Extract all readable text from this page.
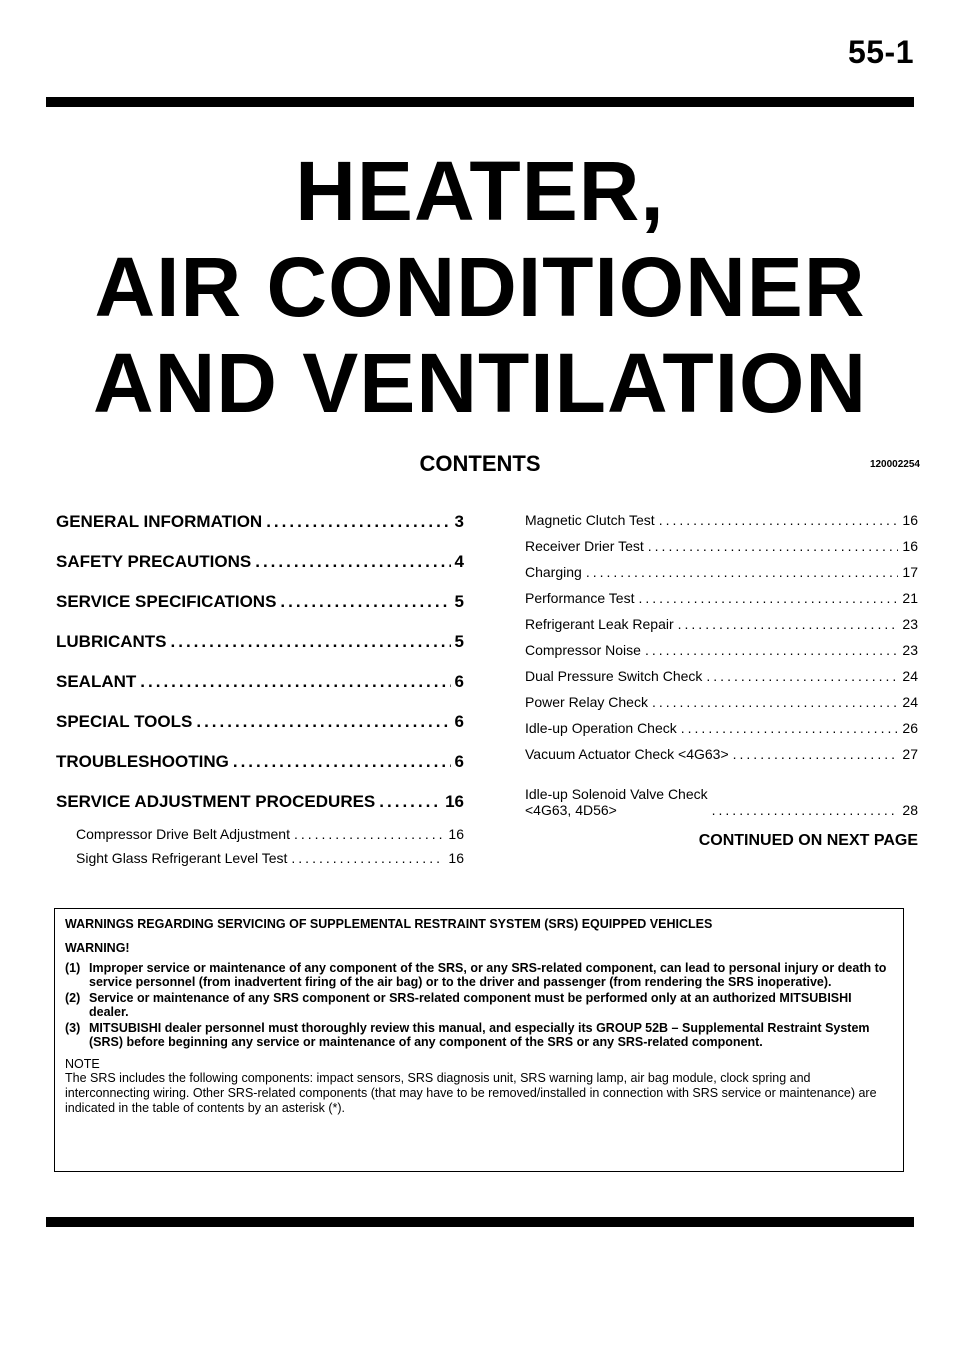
55-1
HEATER,
AIR CONDITIONER
AND VENTILATION
CONTENTS	120002254
GENERAL INFORMATION .....	3
SAFETY PRECAUTIONS .....	4
SERVICE SPECIFICATIONS .....	5
LUBRICANTS .....	5
SEALANT .....	6
SPECIAL TOOLS .....	6
TROUBLESHOOTING .....	6
SERVICE ADJUSTMENT PROCEDURES .....	16
Compressor Drive Belt Adjustment .....	16
Sight Glass Refrigerant Level Test .....	16
Magnetic Clutch Test .....	16
Receiver Drier Test .....	16
Charging .....	17
Performance Test .....	21
Refrigerant Leak Repair .....	23
Compressor Noise .....	23
Dual Pressure Switch Check .....	24
Power Relay Check .....	24
Idle-up Operation Check .....	26
Vacuum Actuator Check <4G63> .....	27
Idle-up Solenoid Valve Check
<4G63, 4D56> .....	28
CONTINUED ON NEXT PAGE
WARNINGS REGARDING SERVICING OF SUPPLEMENTAL RESTRAINT SYSTEM (SRS) EQUIPPED VEHICLES
WARNING!
(1) Improper service or maintenance of any component of the SRS, or any SRS-related component, can lead to personal injury or death to service personnel (from inadvertent firing of the air bag) or to the driver and passenger (from rendering the SRS inoperative).
(2) Service or maintenance of any SRS component or SRS-related component must be performed only at an authorized MITSUBISHI dealer.
(3) MITSUBISHI dealer personnel must thoroughly review this manual, and especially its GROUP 52B – Supplemental Restraint System (SRS) before beginning any service or maintenance of any component of the SRS or any SRS-related component.
NOTE
The SRS includes the following components: impact sensors, SRS diagnosis unit, SRS warning lamp, air bag module, clock spring and interconnecting wiring. Other SRS-related components (that may have to be removed/installed in connection with SRS service or maintenance) are indicated in the table of contents by an asterisk (*).
